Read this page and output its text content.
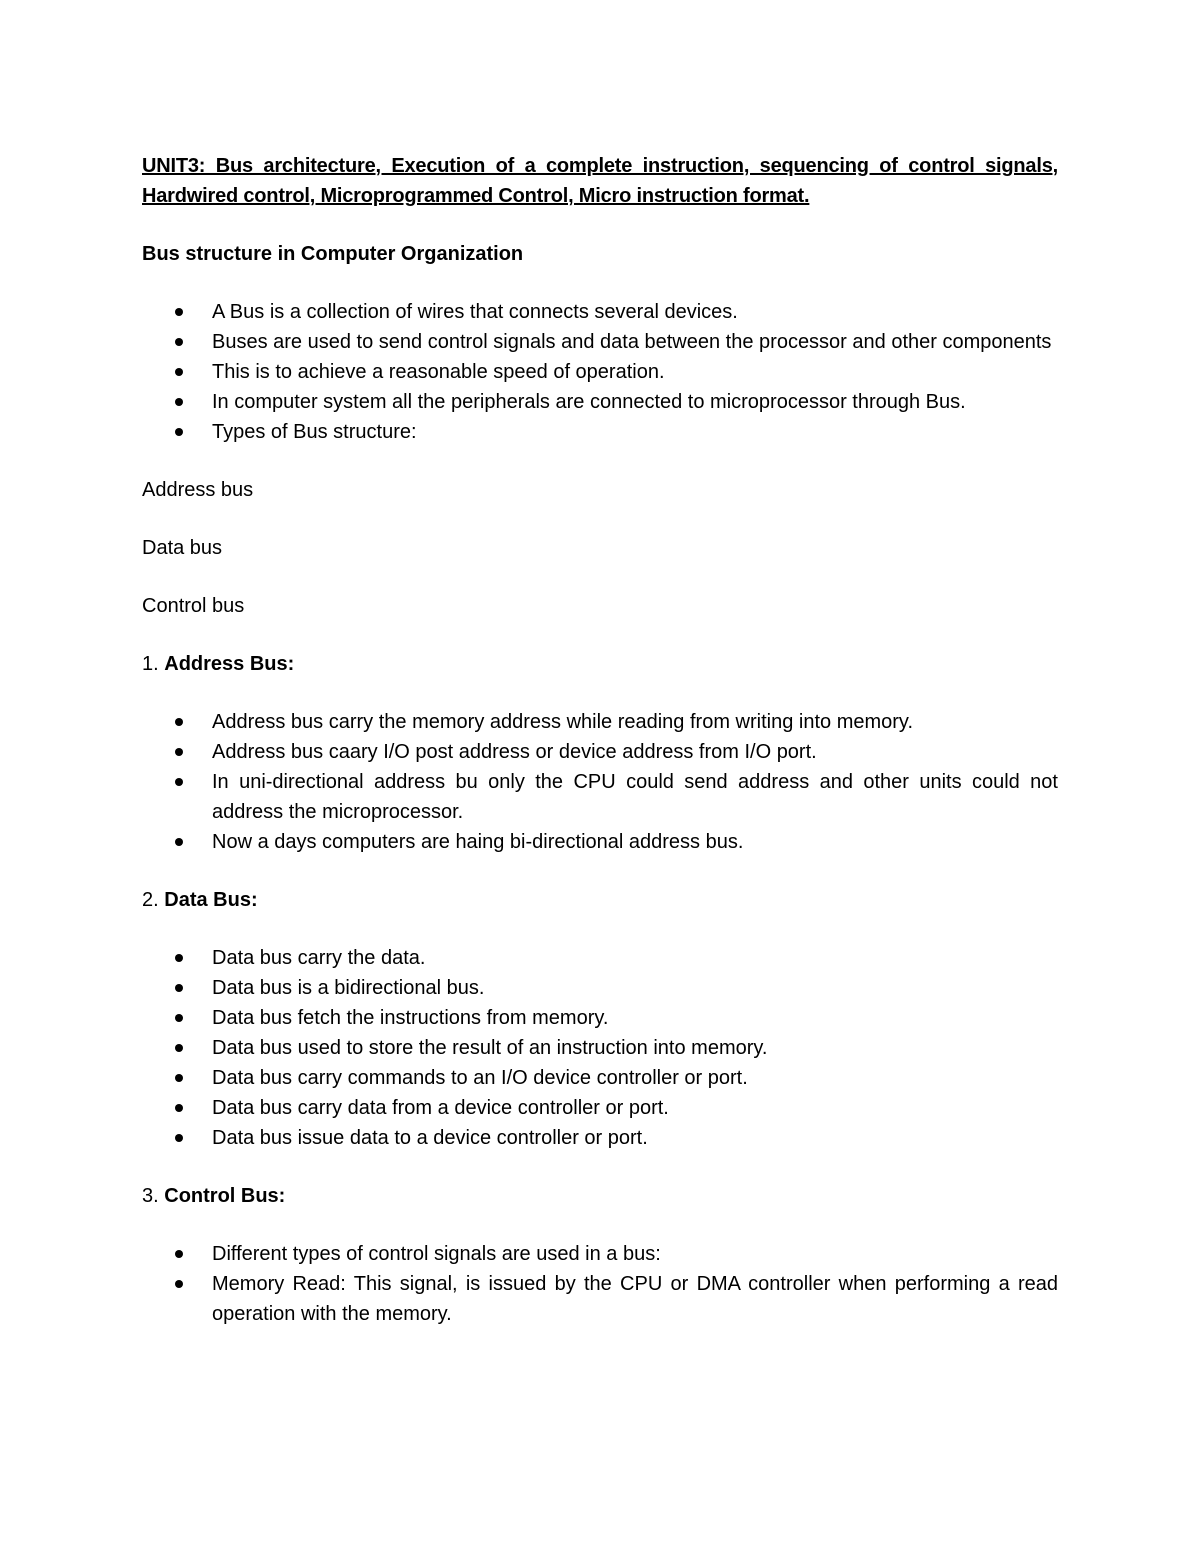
UNIT3: Bus architecture, Execution of a complete instruction, sequencing of control signals,
Hardwired control, Microprogrammed Control, Micro instruction format.

Bus structure in Computer Organization

A Bus is a collection of wires that connects several devices.
Buses are used to send control signals and data between the processor and other components
This is to achieve a reasonable speed of operation.
In computer system all the peripherals are connected to microprocessor through Bus.
Types of Bus structure:

Address bus

Data bus

Control bus

1. Address Bus:

Address bus carry the memory address while reading from writing into memory.
Address bus caary I/O post address or device address from I/O port.
In uni-directional address bu only the CPU could send address and other units could not address the microprocessor.
Now a days computers are haing bi-directional address bus.

2. Data Bus:

Data bus carry the data.
Data bus is a bidirectional bus.
Data bus fetch the instructions from memory.
Data bus used to store the result of an instruction into memory.
Data bus carry commands to an I/O device controller or port.
Data bus carry data from a device controller or port.
Data bus issue data to a device controller or port.

3. Control Bus:

Different types of control signals are used in a bus:
Memory Read: This signal, is issued by the CPU or DMA controller when performing a read operation with the memory.
